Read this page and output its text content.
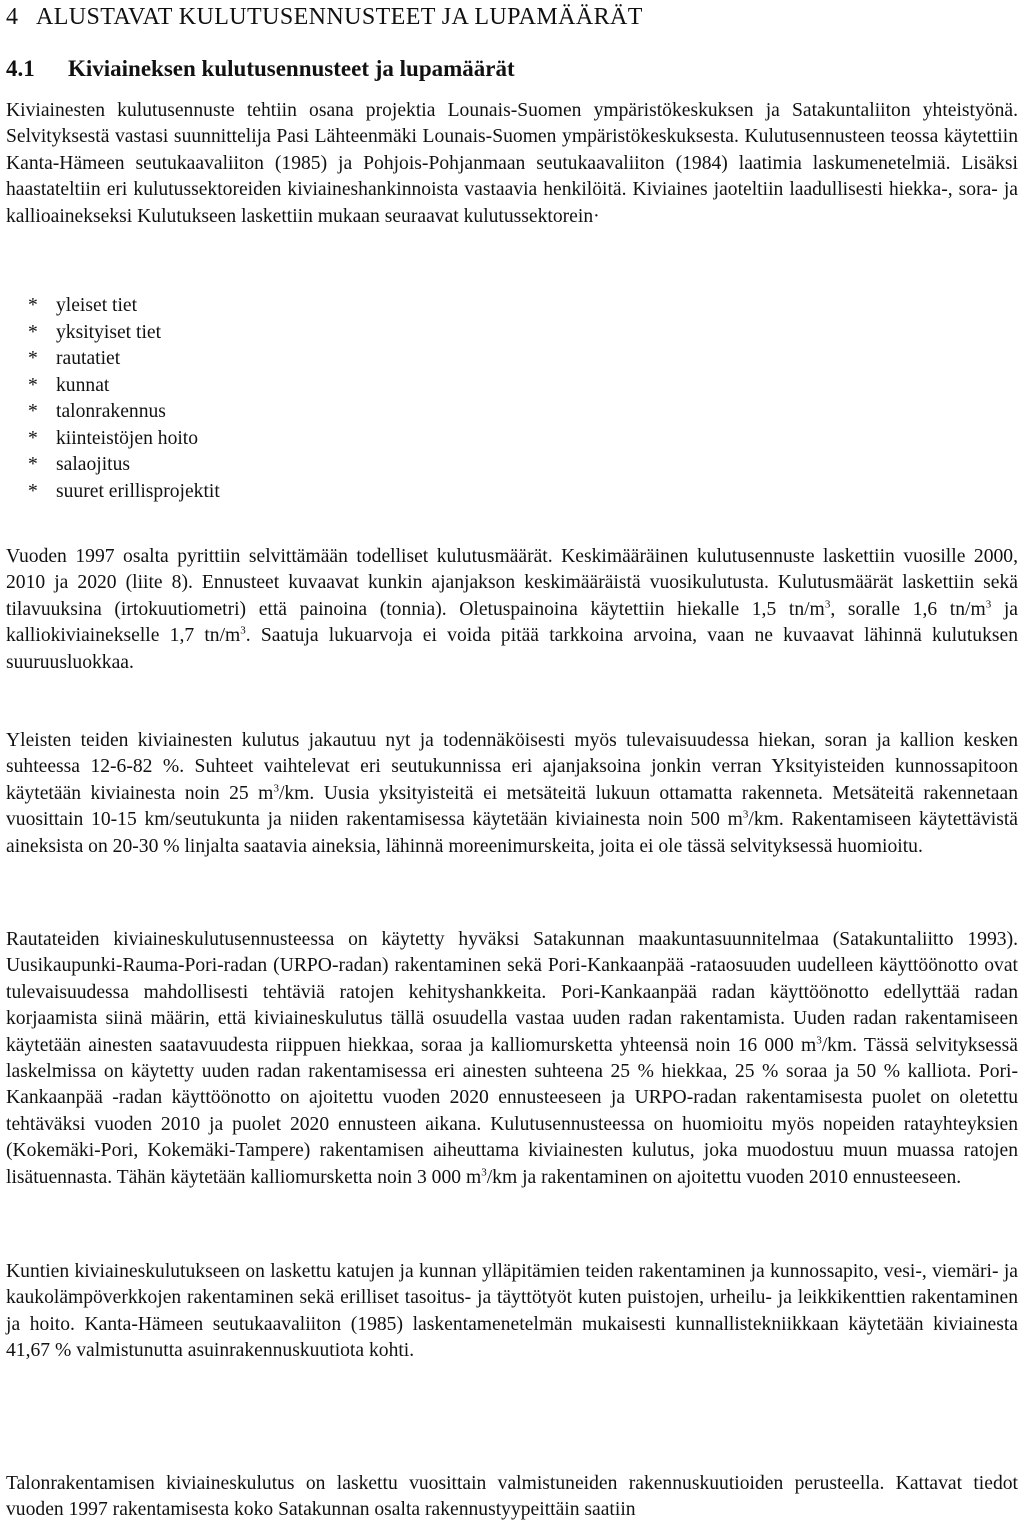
4 ALUSTAVAT KULUTUSENNUSTEET JA LUPAMÄÄRÄT
4.1 Kiviaineksen kulutusennusteet ja lupamäärät

Kiviainesten kulutusennuste tehtiin osana projektia Lounais-Suomen ympäristökeskuksen ja Satakuntaliiton yhteistyönä. Selvityksestä vastasi suunnittelija Pasi Lähteenmäki Lounais-Suomen ympäristökeskuksesta. Kulutusennusteen teossa käytettiin Kanta-Hämeen seutukaavaliiton (1985) ja Pohjois-Pohjanmaan seutukaavaliiton (1984) laatimia laskumenetelmiä. Lisäksi haastateltiin eri kulutussektoreiden kiviaineshankinnoista vastaavia henkilöitä. Kiviaines jaoteltiin laadullisesti hiekka-, sora- ja kallioainekseksi Kulutukseen laskettiin mukaan seuraavat kulutussektorein·

* yleiset tiet
* yksityiset tiet
* rautatiet
* kunnat
* talonrakennus
* kiinteistöjen hoito
* salaojitus
* suuret erillisprojektit

Vuoden 1997 osalta pyrittiin selvittämään todelliset kulutusmäärät. Keskimääräinen kulutusennuste laskettiin vuosille 2000, 2010 ja 2020 (liite 8). Ennusteet kuvaavat kunkin ajanjakson keskimääräistä vuosikulutusta. Kulutusmäärät laskettiin sekä tilavuuksina (irtokuutiometri) että painoina (tonnia). Oletuspainoina käytettiin hiekalle 1,5 $tn/m^3$, soralle 1,6 $tn/m^3$ ja kalliokiviainekselle 1,7 $tn/m^3$. Saatuja lukuarvoja ei voida pitää tarkkoina arvoina, vaan ne kuvaavat lähinnä kulutuksen suuruusluokkaa.

Yleisten teiden kiviainesten kulutus jakautuu nyt ja todennäköisesti myös tulevaisuudessa hiekan, soran ja kallion kesken suhteessa 12-6-82 %. Suhteet vaihtelevat eri seutukunnissa eri ajanjaksoina jonkin verran Yksityisteiden kunnossapitoon käytetään kiviainesta noin 25 $m^3/km$. Uusia yksityisteitä ei metsäteitä lukuun ottamatta rakenneta. Metsäteitä rakennetaan vuosittain 10-15 km/seutukunta ja niiden rakentamisessa käytetään kiviainesta noin 500 $m^3/km$. Rakentamiseen käytettävistä aineksista on 20-30 % linjalta saatavia aineksia, lähinnä moreenimurskeita, joita ei ole tässä selvityksessä huomioitu.

Rautateiden kiviaineskulutusennusteessa on käytetty hyväksi Satakunnan maakuntasuunnitelmaa (Satakuntaliitto 1993). Uusikaupunki-Rauma-Pori-radan (URPO-radan) rakentaminen sekä Pori-Kankaanpää -rataosuuden uudelleen käyttöönotto ovat tulevaisuudessa mahdollisesti tehtäviä ratojen kehityshankkeita. Pori-Kankaanpää radan käyttöönotto edellyttää radan korjaamista siinä määrin, että kiviaineskulutus tällä osuudella vastaa uuden radan rakentamista. Uuden radan rakentamiseen käytetään ainesten saatavuudesta riippuen hiekkaa, soraa ja kalliomursketta yhteensä noin 16 000 $m^3/km$. Tässä selvityksessä laskelmissa on käytetty uuden radan rakentamisessa eri ainesten suhteena 25 % hiekkaa, 25 % soraa ja 50 % kalliota. Pori-Kankaanpää -radan käyttöönotto on ajoitettu vuoden 2020 ennusteeseen ja URPO-radan rakentamisesta puolet on oletettu tehtäväksi vuoden 2010 ja puolet 2020 ennusteen aikana. Kulutusennusteessa on huomioitu myös nopeiden ratayhteyksien (Kokemäki-Pori, Kokemäki-Tampere) rakentamisen aiheuttama kiviainesten kulutus, joka muodostuu muun muassa ratojen lisätuennasta. Tähän käytetään kalliomursketta noin 3 000 $m^3/km$ ja rakentaminen on ajoitettu vuoden 2010 ennusteeseen.

Kuntien kiviaineskulutukseen on laskettu katujen ja kunnan ylläpitämien teiden rakentaminen ja kunnossapito, vesi-, viemäri- ja kaukolämpöverkkojen rakentaminen sekä erilliset tasoitus- ja täyttötyöt kuten puistojen, urheilu- ja leikkikenttien rakentaminen ja hoito. Kanta-Hämeen seutukaavaliiton (1985) laskentamenetelmän mukaisesti kunnallistekniikkaan käytetään kiviainesta 41,67 % valmistunutta asuinrakennuskuutiota kohti.

Talonrakentamisen kiviaineskulutus on laskettu vuosittain valmistuneiden rakennuskuutioiden perusteella. Kattavat tiedot vuoden 1997 rakentamisesta koko Satakunnan osalta rakennustyypeittäin saatiin
